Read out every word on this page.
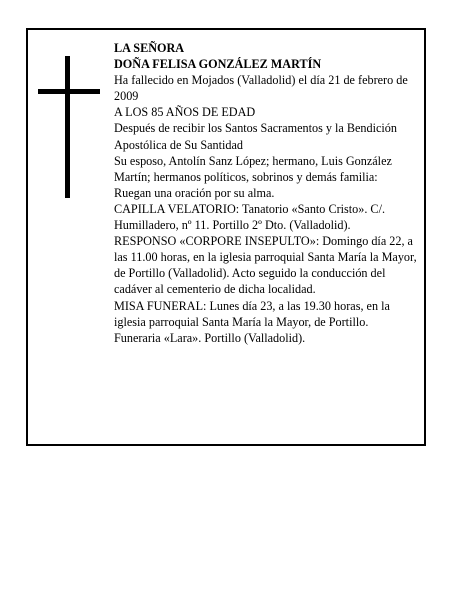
LA SEÑORA

DOÑA FELISA GONZÁLEZ MARTÍN

Ha fallecido en Mojados (Valladolid) el día 21 de febrero de 2009

A LOS 85 AÑOS DE EDAD

Después de recibir los Santos Sacramentos y la Bendición Apostólica de Su Santidad

Su esposo, Antolín Sanz López; hermano, Luis González Martín; hermanos políticos, sobrinos y demás familia:

Ruegan una oración por su alma.

CAPILLA VELATORIO: Tanatorio «Santo Cristo». C/. Humilladero, nº 11. Portillo 2º Dto. (Valladolid).

RESPONSO «CORPORE INSEPULTO»: Domingo día 22, a las 11.00 horas, en la iglesia parroquial Santa María la Mayor, de Portillo (Valladolid). Acto seguido la conducción del cadáver al cementerio de dicha localidad.

MISA FUNERAL: Lunes día 23, a las 19.30 horas, en la iglesia parroquial Santa María la Mayor, de Portillo.

Funeraria «Lara». Portillo (Valladolid).
